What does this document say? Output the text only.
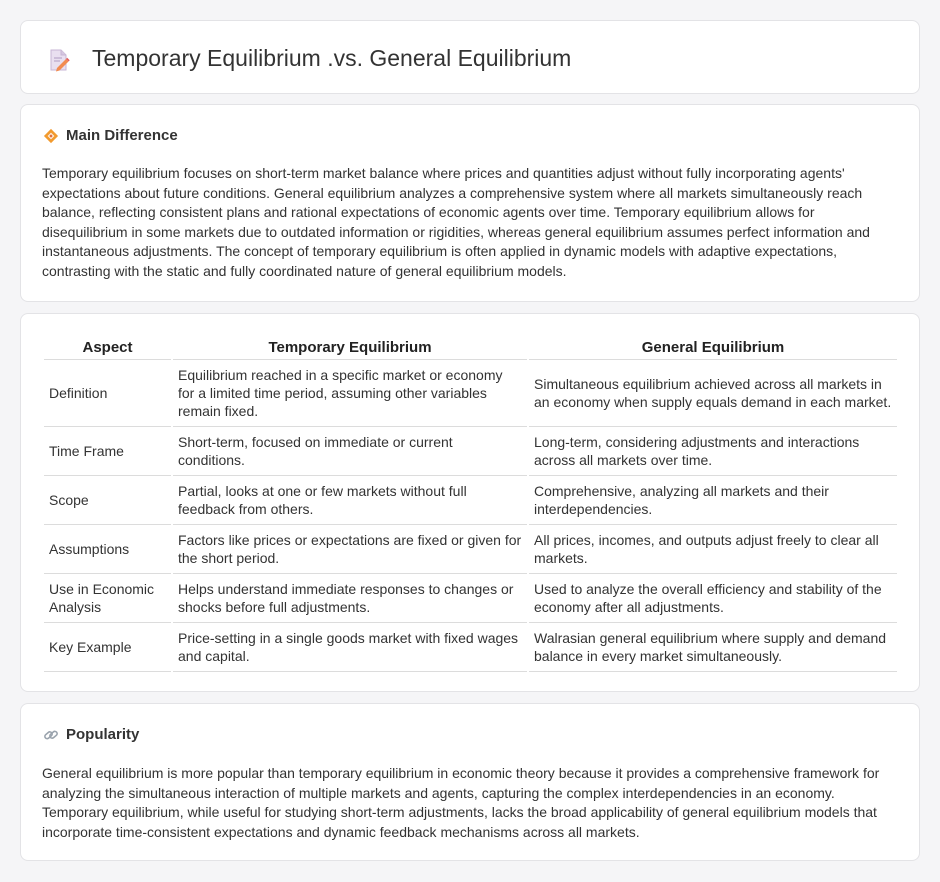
Temporary Equilibrium .vs. General Equilibrium
Main Difference

Temporary equilibrium focuses on short-term market balance where prices and quantities adjust without fully incorporating agents' expectations about future conditions. General equilibrium analyzes a comprehensive system where all markets simultaneously reach balance, reflecting consistent plans and rational expectations of economic agents over time. Temporary equilibrium allows for disequilibrium in some markets due to outdated information or rigidities, whereas general equilibrium assumes perfect information and instantaneous adjustments. The concept of temporary equilibrium is often applied in dynamic models with adaptive expectations, contrasting with the static and fully coordinated nature of general equilibrium models.

Aspect	Temporary Equilibrium	General Equilibrium
Definition	Equilibrium reached in a specific market or economy for a limited time period, assuming other variables remain fixed.	Simultaneous equilibrium achieved across all markets in an economy when supply equals demand in each market.
Time Frame	Short-term, focused on immediate or current conditions.	Long-term, considering adjustments and interactions across all markets over time.
Scope	Partial, looks at one or few markets without full feedback from others.	Comprehensive, analyzing all markets and their interdependencies.
Assumptions	Factors like prices or expectations are fixed or given for the short period.	All prices, incomes, and outputs adjust freely to clear all markets.
Use in Economic Analysis	Helps understand immediate responses to changes or shocks before full adjustments.	Used to analyze the overall efficiency and stability of the economy after all adjustments.
Key Example	Price-setting in a single goods market with fixed wages and capital.	Walrasian general equilibrium where supply and demand balance in every market simultaneously.
Popularity

General equilibrium is more popular than temporary equilibrium in economic theory because it provides a comprehensive framework for analyzing the simultaneous interaction of multiple markets and agents, capturing the complex interdependencies in an economy. Temporary equilibrium, while useful for studying short-term adjustments, lacks the broad applicability of general equilibrium models that incorporate time-consistent expectations and dynamic feedback mechanisms across all markets.
